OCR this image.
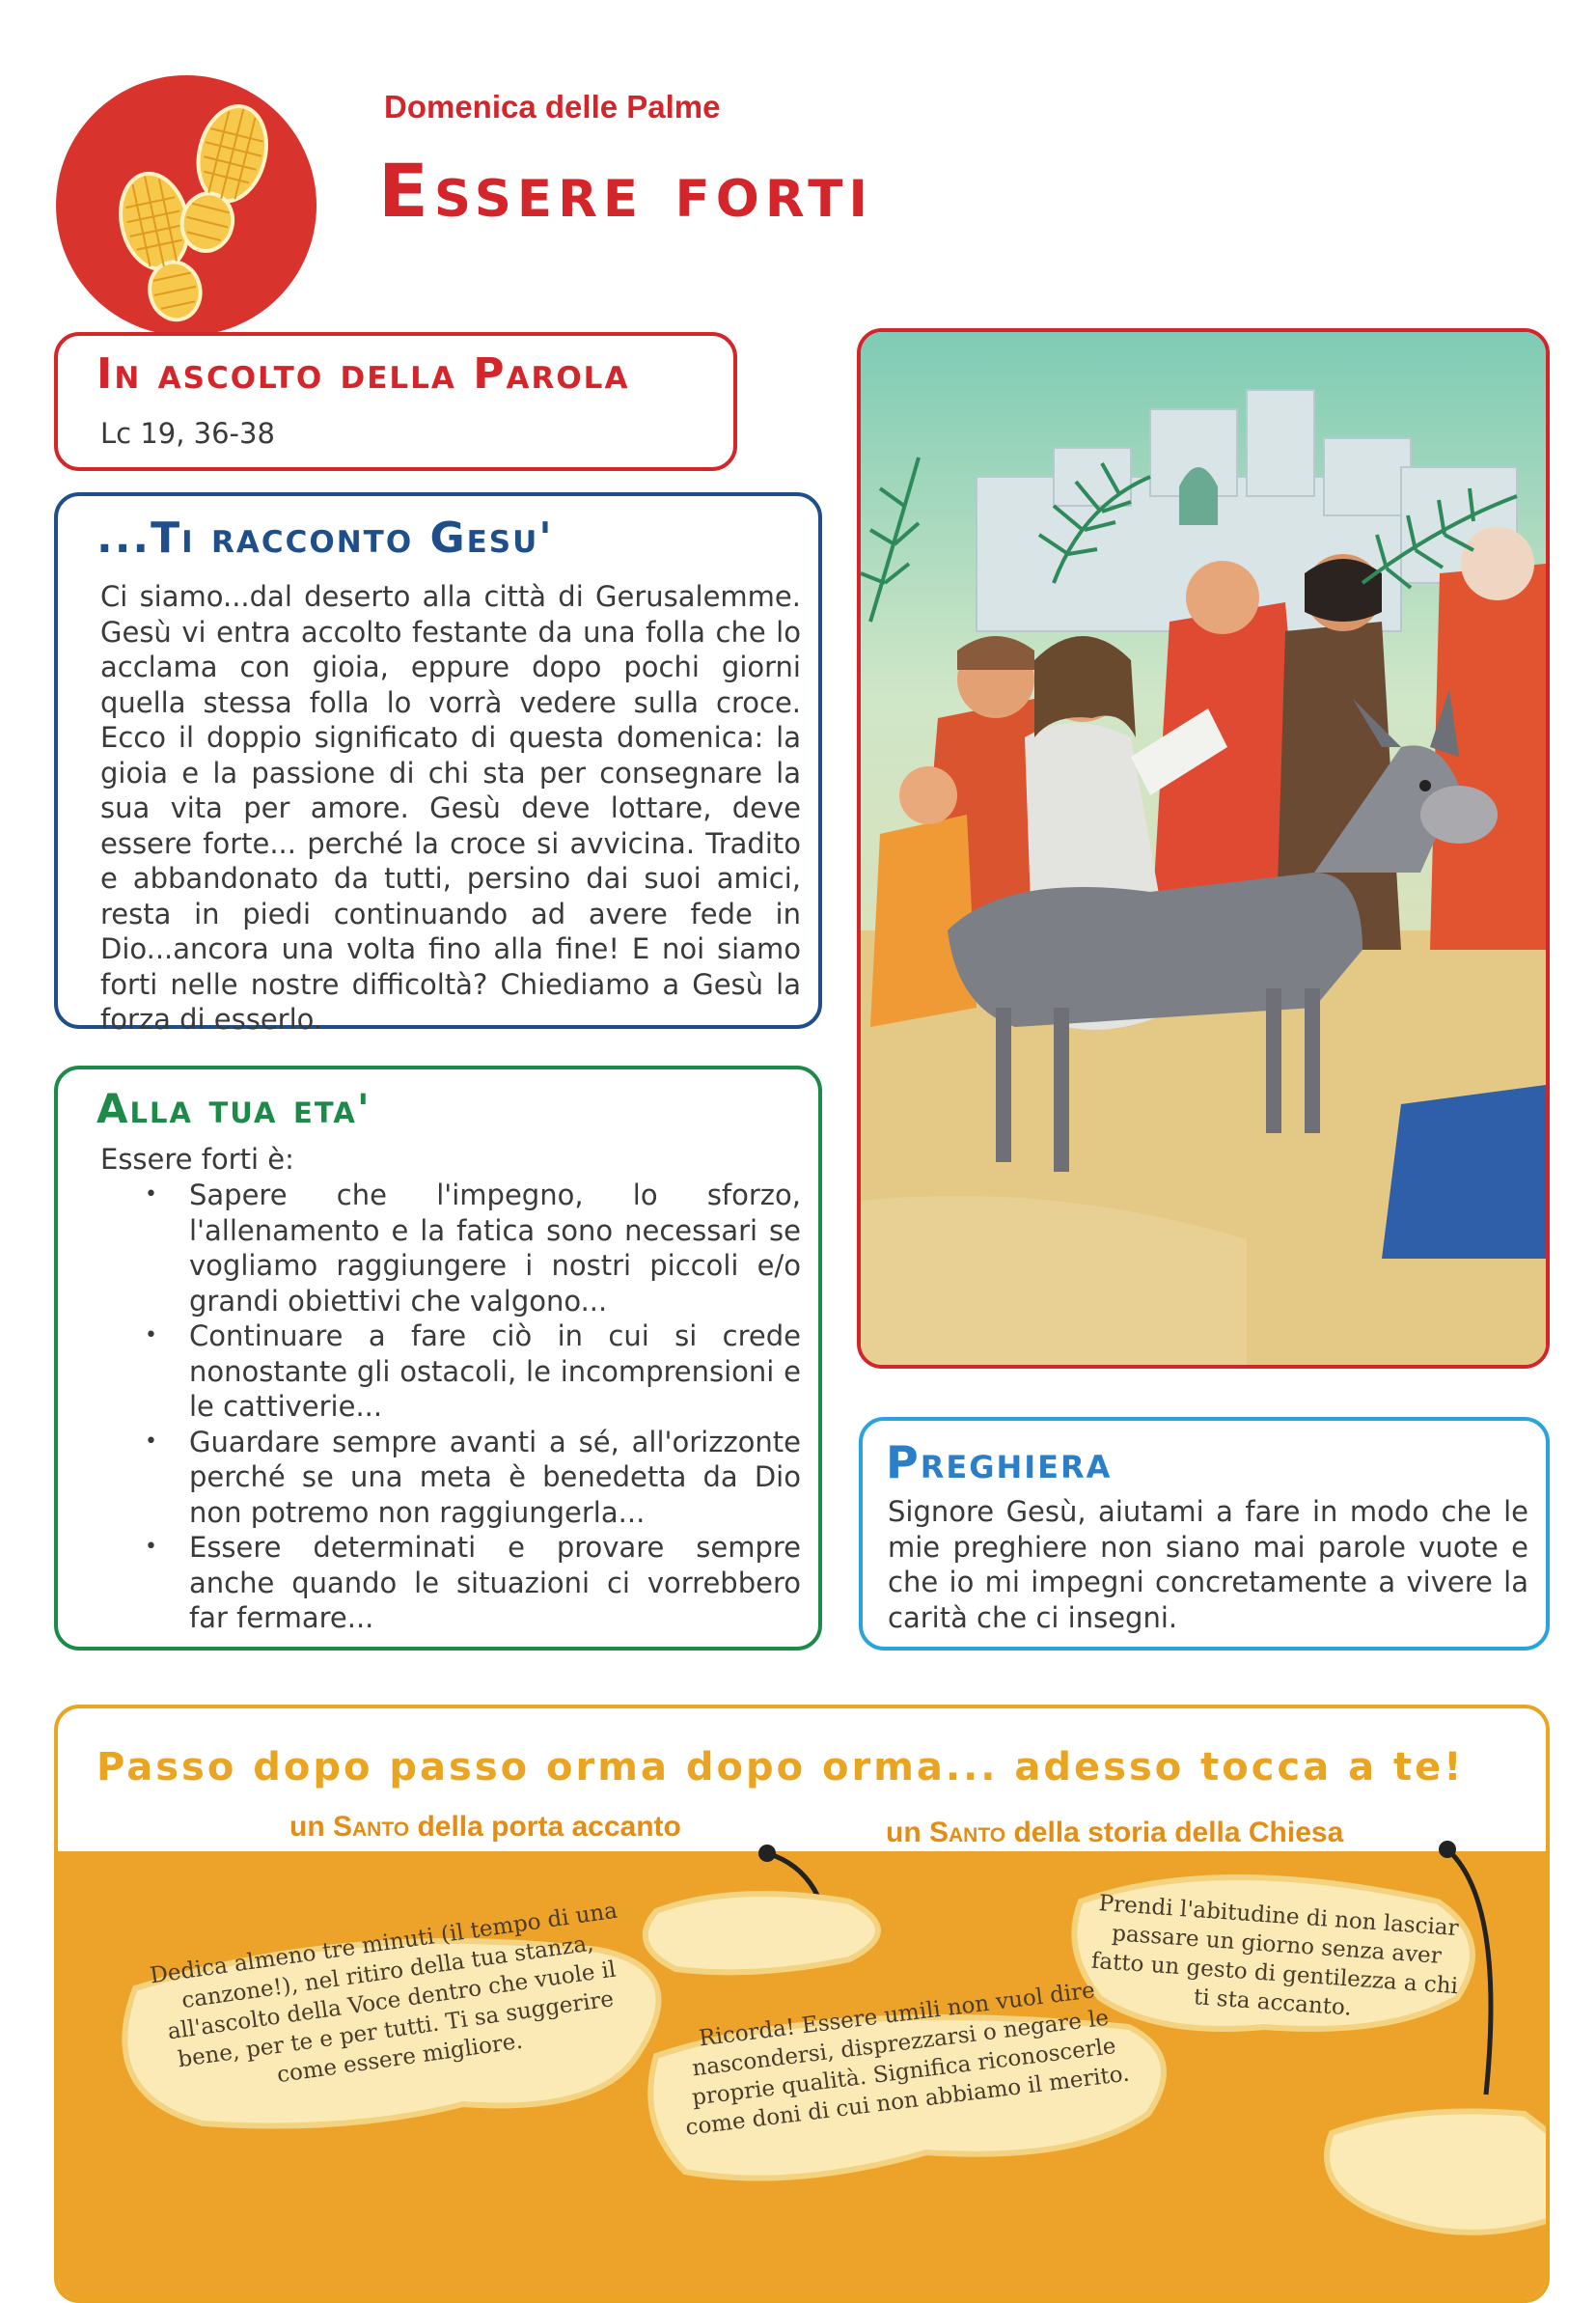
Domenica delle Palme
Essere forti
In ascolto della Parola
Lc 19, 36-38
...Ti racconto Gesu'
Ci siamo...dal deserto alla città di Gerusalemme. Gesù vi entra accolto festante da una folla che lo acclama con gioia, eppure dopo pochi giorni quella stessa folla lo vorrà vedere sulla croce. Ecco il doppio significato di questa domenica: la gioia e la passione di chi sta per consegnare la sua vita per amore. Gesù deve lottare, deve essere forte... perché la croce si avvicina. Tradito e abbandonato da tutti, persino dai suoi amici, resta in piedi continuando ad avere fede in Dio...ancora una volta fino alla fine! E noi siamo forti nelle nostre difficoltà? Chiediamo a Gesù la forza di esserlo.
Alla tua eta'
Essere forti è:
• Sapere che l'impegno, lo sforzo, l'allenamento e la fatica sono necessari se vogliamo raggiungere i nostri piccoli e/o grandi obiettivi che valgono...
• Continuare a fare ciò in cui si crede nonostante gli ostacoli, le incomprensioni e le cattiverie...
• Guardare sempre avanti a sé, all'orizzonte perché se una meta è benedetta da Dio non potremo non raggiungerla...
• Essere determinati e provare sempre anche quando le situazioni ci vorrebbero far fermare...
Preghiera
Signore Gesù, aiutami a fare in modo che le mie preghiere non siano mai parole vuote e che io mi impegni concretamente a vivere la carità che ci insegni.
Passo dopo passo orma dopo orma... adesso tocca a te!
un Santo della porta accanto	un Santo della storia della Chiesa
Dedica almeno tre minuti (il tempo di una canzone!), nel ritiro della tua stanza, all'ascolto della Voce dentro che vuole il bene, per te e per tutti. Ti sa suggerire come essere migliore.
Ricorda! Essere umili non vuol dire nascondersi, disprezzarsi o negare le proprie qualità. Significa riconoscerle come doni di cui non abbiamo il merito.
Prendi l'abitudine di non lasciar passare un giorno senza aver fatto un gesto di gentilezza a chi ti sta accanto.
